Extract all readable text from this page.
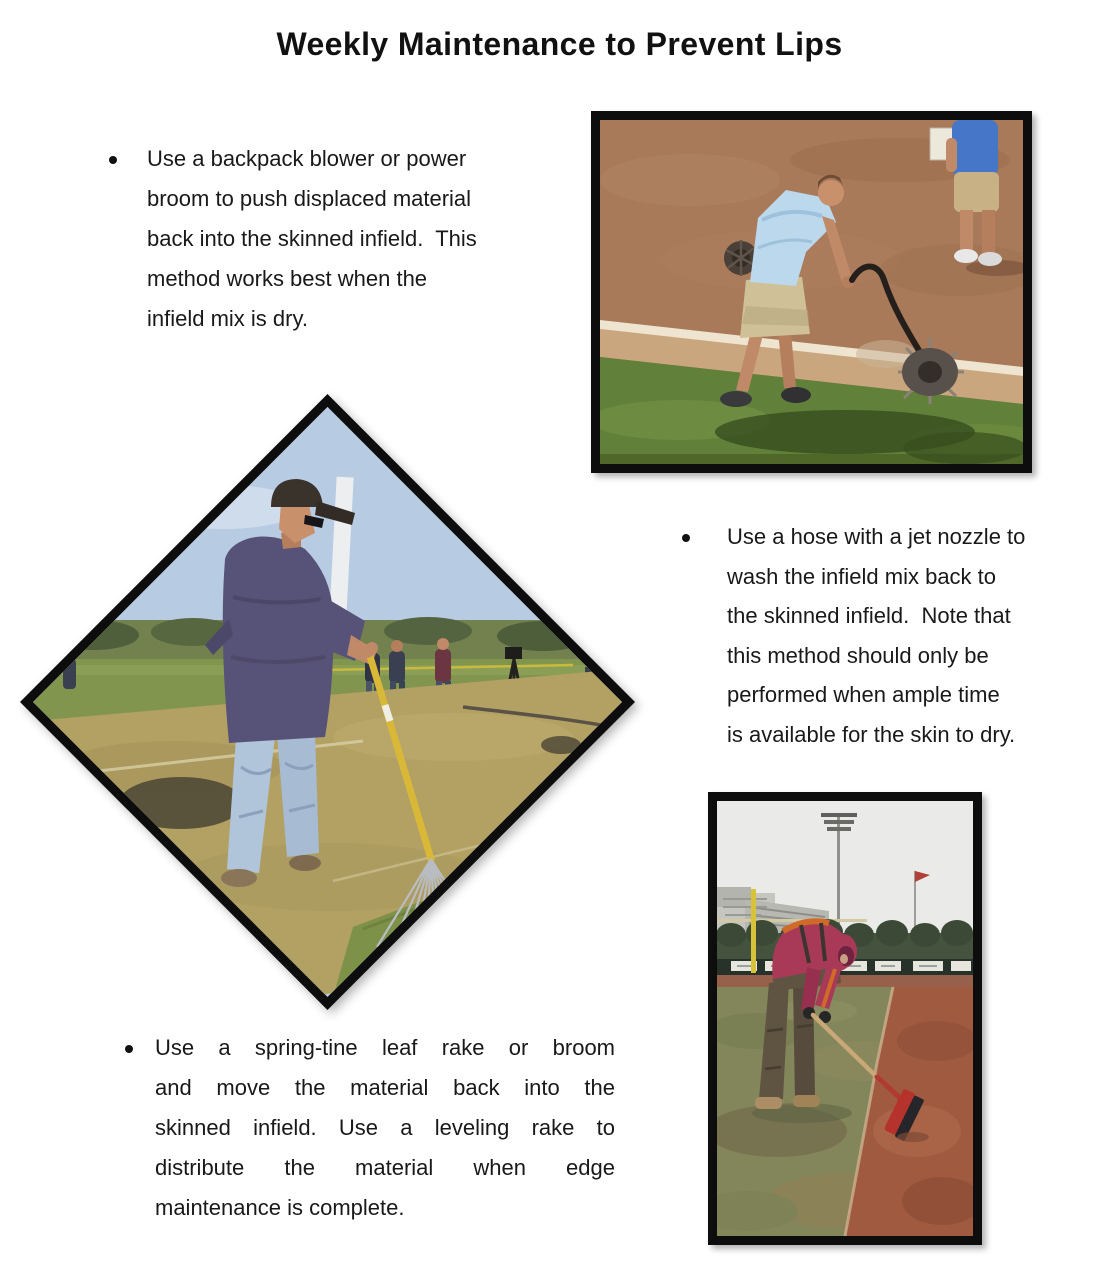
Weekly Maintenance to Prevent Lips
Use a backpack blower or power
broom to push displaced material
back into the skinned infield.  This
method works best when the
infield mix is dry.
Use a hose with a jet nozzle to
wash the infield mix back to
the skinned infield.  Note that
this method should only be
performed when ample time
is available for the skin to dry.
Use a spring-tine leaf rake or broom
and move the material back into the
skinned infield. Use a leveling rake to
distribute the material when edge
maintenance is complete.
